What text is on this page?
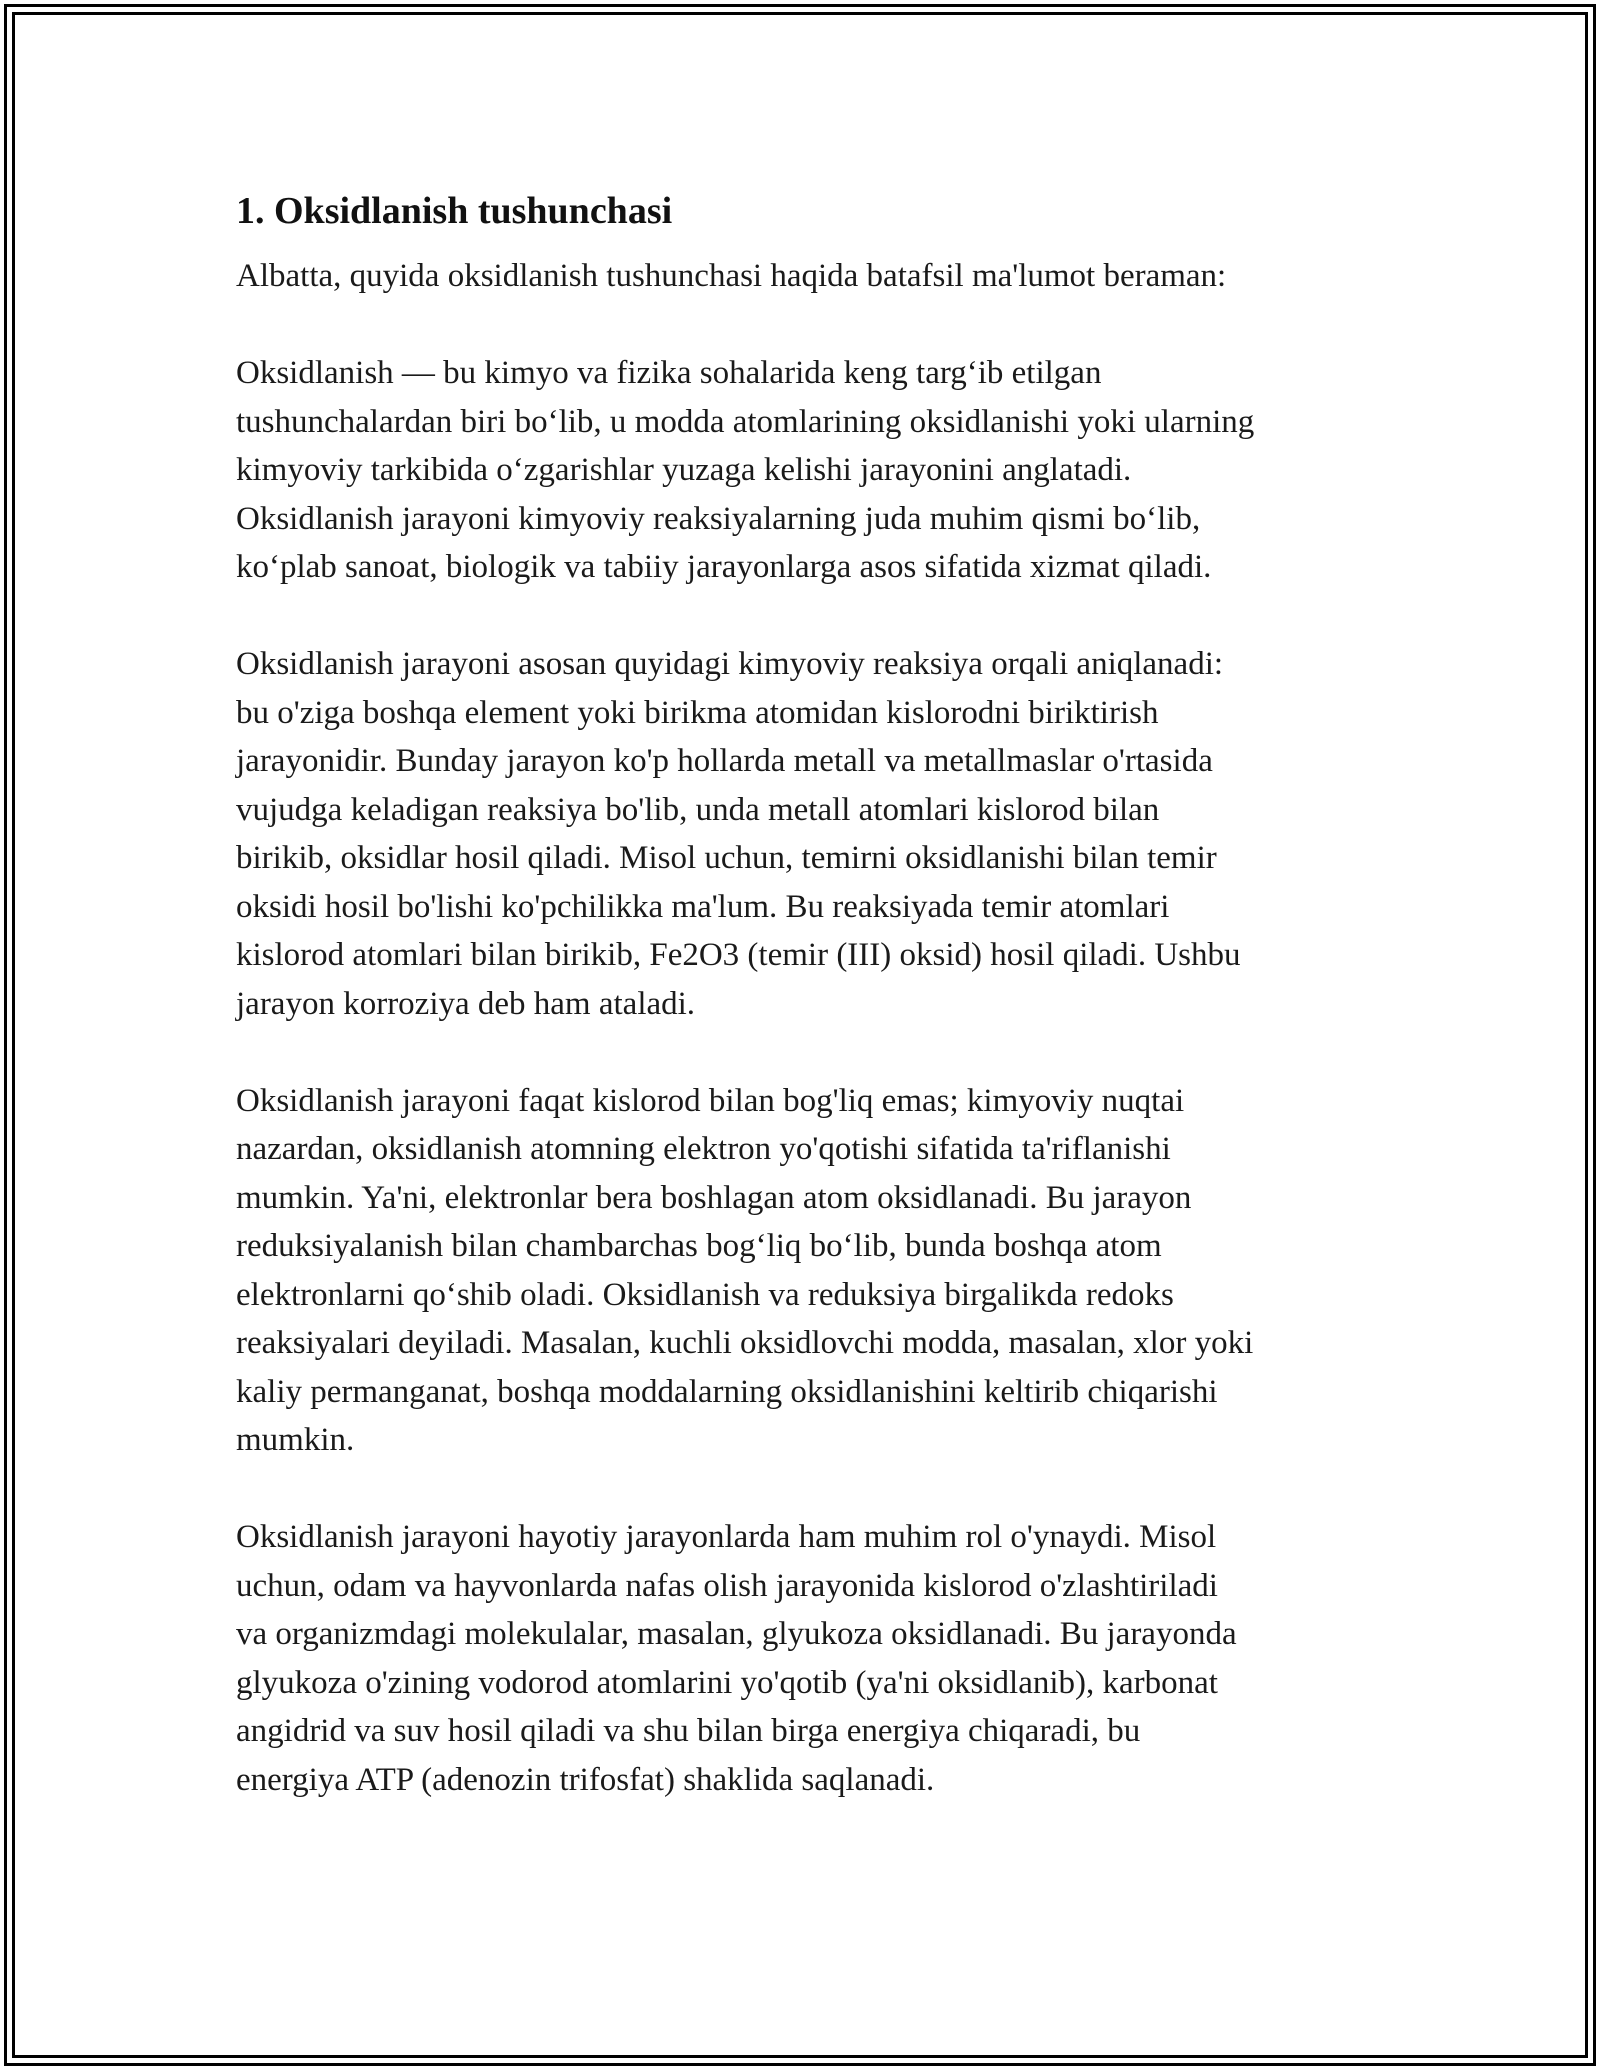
1. Oksidlanish tushunchasi

Albatta, quyida oksidlanish tushunchasi haqida batafsil ma'lumot beraman:

Oksidlanish — bu kimyo va fizika sohalarida keng targ‘ib etilgan
tushunchalardan biri bo‘lib, u modda atomlarining oksidlanishi yoki ularning
kimyoviy tarkibida o‘zgarishlar yuzaga kelishi jarayonini anglatadi.
Oksidlanish jarayoni kimyoviy reaksiyalarning juda muhim qismi bo‘lib,
ko‘plab sanoat, biologik va tabiiy jarayonlarga asos sifatida xizmat qiladi.

Oksidlanish jarayoni asosan quyidagi kimyoviy reaksiya orqali aniqlanadi:
bu o'ziga boshqa element yoki birikma atomidan kislorodni biriktirish
jarayonidir. Bunday jarayon ko'p hollarda metall va metallmaslar o'rtasida
vujudga keladigan reaksiya bo'lib, unda metall atomlari kislorod bilan
birikib, oksidlar hosil qiladi. Misol uchun, temirni oksidlanishi bilan temir
oksidi hosil bo'lishi ko'pchilikka ma'lum. Bu reaksiyada temir atomlari
kislorod atomlari bilan birikib, Fe2O3 (temir (III) oksid) hosil qiladi. Ushbu
jarayon korroziya deb ham ataladi.

Oksidlanish jarayoni faqat kislorod bilan bog'liq emas; kimyoviy nuqtai
nazardan, oksidlanish atomning elektron yo'qotishi sifatida ta'riflanishi
mumkin. Ya'ni, elektronlar bera boshlagan atom oksidlanadi. Bu jarayon
reduksiyalanish bilan chambarchas bog‘liq bo‘lib, bunda boshqa atom
elektronlarni qo‘shib oladi. Oksidlanish va reduksiya birgalikda redoks
reaksiyalari deyiladi. Masalan, kuchli oksidlovchi modda, masalan, xlor yoki
kaliy permanganat, boshqa moddalarning oksidlanishini keltirib chiqarishi
mumkin.

Oksidlanish jarayoni hayotiy jarayonlarda ham muhim rol o'ynaydi. Misol
uchun, odam va hayvonlarda nafas olish jarayonida kislorod o'zlashtiriladi
va organizmdagi molekulalar, masalan, glyukoza oksidlanadi. Bu jarayonda
glyukoza o'zining vodorod atomlarini yo'qotib (ya'ni oksidlanib), karbonat
angidrid va suv hosil qiladi va shu bilan birga energiya chiqaradi, bu
energiya ATP (adenozin trifosfat) shaklida saqlanadi.
